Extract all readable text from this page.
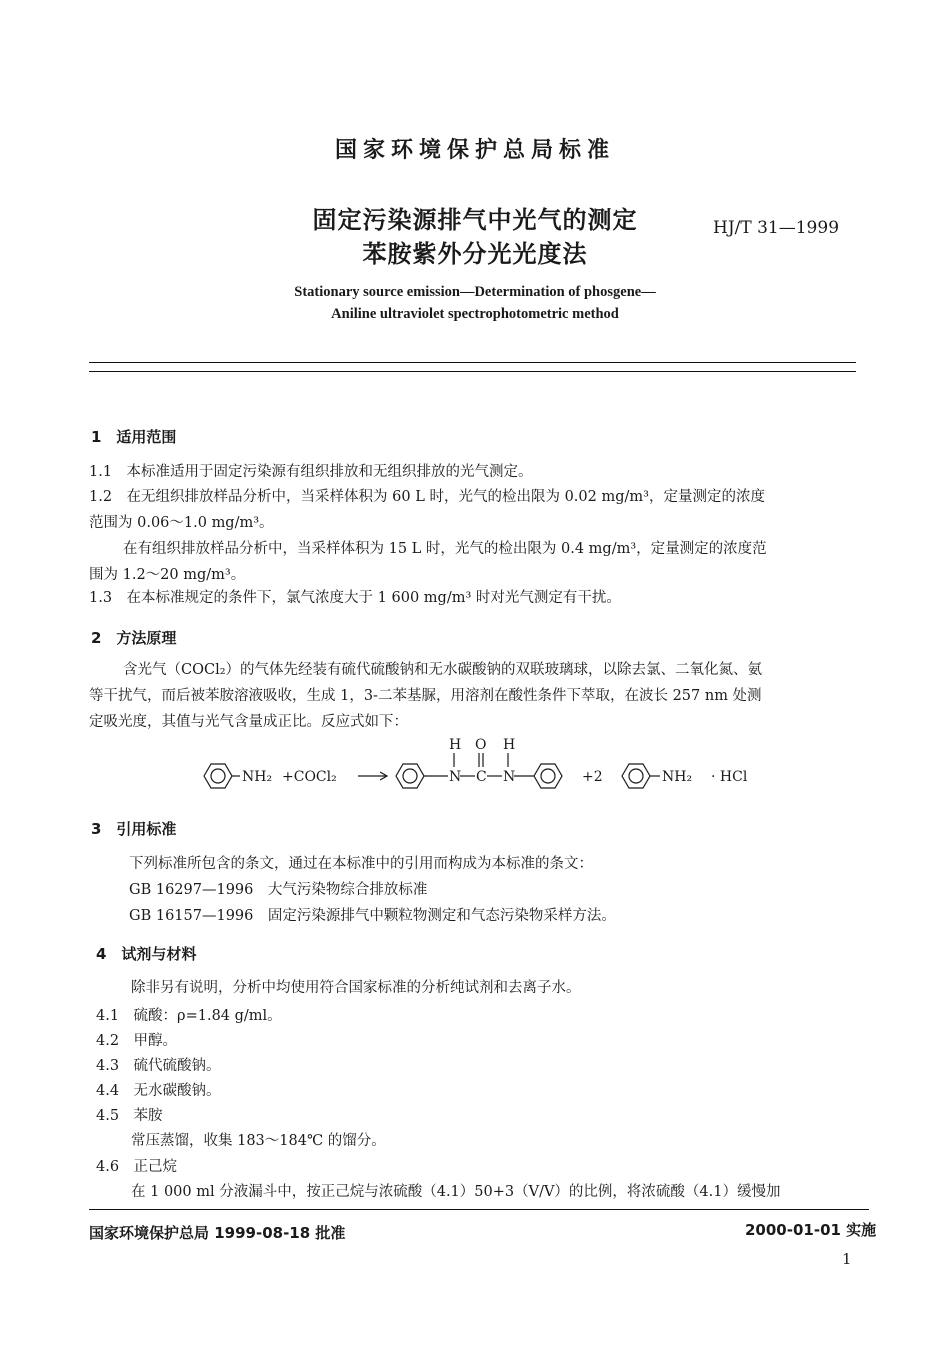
国家环境保护总局标准
固定污染源排气中光气的测定
苯胺紫外分光光度法
HJ/T 31—1999
Stationary source emission—Determination of phosgene—
Aniline ultraviolet spectrophotometric method
1　适用范围
1.1　本标准适用于固定污染源有组织排放和无组织排放的光气测定。
1.2　在无组织排放样品分析中，当采样体积为 60 L 时，光气的检出限为 0.02 mg/m³，定量测定的浓度
范围为 0.06～1.0 mg/m³。
在有组织排放样品分析中，当采样体积为 15 L 时，光气的检出限为 0.4 mg/m³，定量测定的浓度范
围为 1.2～20 mg/m³。
1.3　在本标准规定的条件下，氯气浓度大于 1 600 mg/m³ 时对光气测定有干扰。
2　方法原理
含光气（COCl₂）的气体先经装有硫代硫酸钠和无水碳酸钠的双联玻璃球，以除去氯、二氧化氮、氨
等干扰气，而后被苯胺溶液吸收，生成 1，3-二苯基脲，用溶剂在酸性条件下萃取，在波长 257 nm 处测
定吸光度，其值与光气含量成正比。反应式如下：
H O H
NH₂ +COCl₂	N C N	+2	NH₂ · HCl
3　引用标准
下列标准所包含的条文，通过在本标准中的引用而构成为本标准的条文：
GB 16297—1996　大气污染物综合排放标准
GB 16157—1996　固定污染源排气中颗粒物测定和气态污染物采样方法。
4　试剂与材料
除非另有说明，分析中均使用符合国家标准的分析纯试剂和去离子水。
4.1　硫酸：ρ=1.84 g/ml。
4.2　甲醇。
4.3　硫代硫酸钠。
4.4　无水碳酸钠。
4.5　苯胺
常压蒸馏，收集 183～184℃ 的馏分。
4.6　正己烷
在 1 000 ml 分液漏斗中，按正己烷与浓硫酸（4.1）50+3（V/V）的比例，将浓硫酸（4.1）缓慢加
国家环境保护总局 1999-08-18 批准	2000-01-01 实施
1
